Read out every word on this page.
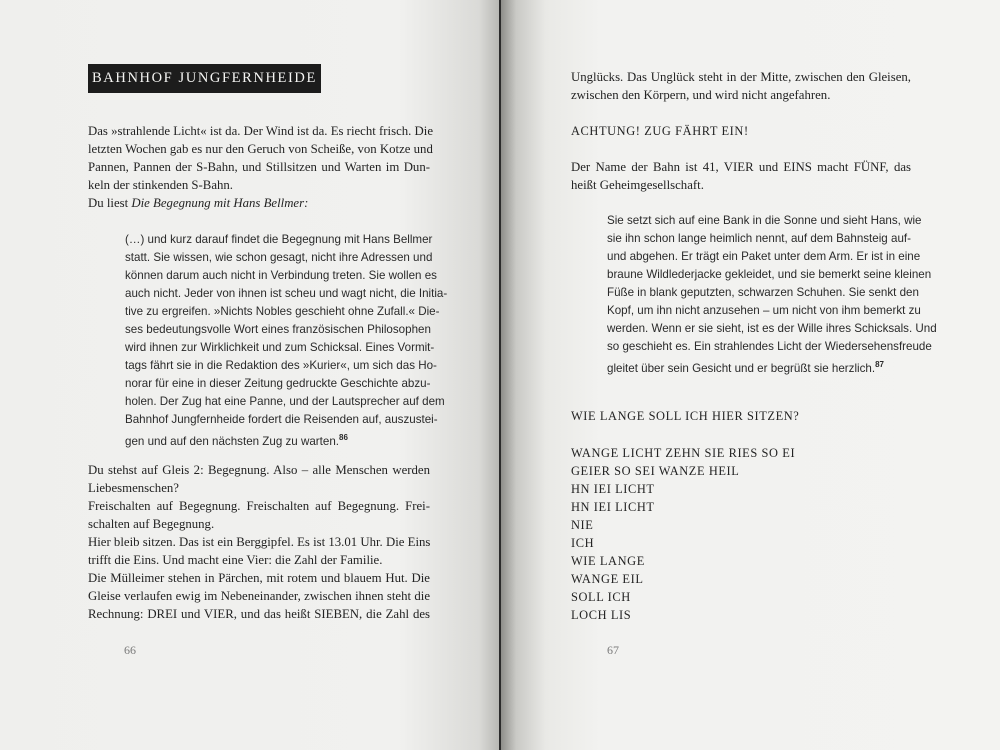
BAHNHOF JUNGFERNHEIDE
Das »strahlende Licht« ist da. Der Wind ist da. Es riecht frisch. Die
letzten Wochen gab es nur den Geruch von Scheiße, von Kotze und
Pannen, Pannen der S-Bahn, und Stillsitzen und Warten im Dun-
keln der stinkenden S-Bahn.
Du liest Die Begegnung mit Hans Bellmer:
(…) und kurz darauf findet die Begegnung mit Hans Bellmer
statt. Sie wissen, wie schon gesagt, nicht ihre Adressen und
können darum auch nicht in Verbindung treten. Sie wollen es
auch nicht. Jeder von ihnen ist scheu und wagt nicht, die Initia-
tive zu ergreifen. »Nichts Nobles geschieht ohne Zufall.« Die-
ses bedeutungsvolle Wort eines französischen Philosophen
wird ihnen zur Wirklichkeit und zum Schicksal. Eines Vormit-
tags fährt sie in die Redaktion des »Kurier«, um sich das Ho-
norar für eine in dieser Zeitung gedruckte Geschichte abzu-
holen. Der Zug hat eine Panne, und der Lautsprecher auf dem
Bahnhof Jungfernheide fordert die Reisenden auf, auszustei-
gen und auf den nächsten Zug zu warten.$^{86}$
Du stehst auf Gleis 2: Begegnung. Also – alle Menschen werden
Liebesmenschen?
Freischalten auf Begegnung. Freischalten auf Begegnung. Frei-
schalten auf Begegnung.
Hier bleib sitzen. Das ist ein Berggipfel. Es ist 13.01 Uhr. Die Eins
trifft die Eins. Und macht eine Vier: die Zahl der Familie.
Die Mülleimer stehen in Pärchen, mit rotem und blauem Hut. Die
Gleise verlaufen ewig im Nebeneinander, zwischen ihnen steht die
Rechnung: DREI und VIER, und das heißt SIEBEN, die Zahl des
66
Unglücks. Das Unglück steht in der Mitte, zwischen den Gleisen,
zwischen den Körpern, und wird nicht angefahren.
ACHTUNG! ZUG FÄHRT EIN!
Der Name der Bahn ist 41, VIER und EINS macht FÜNF, das
heißt Geheimgesellschaft.
Sie setzt sich auf eine Bank in die Sonne und sieht Hans, wie
sie ihn schon lange heimlich nennt, auf dem Bahnsteig auf-
und abgehen. Er trägt ein Paket unter dem Arm. Er ist in eine
braune Wildlederjacke gekleidet, und sie bemerkt seine kleinen
Füße in blank geputzten, schwarzen Schuhen. Sie senkt den
Kopf, um ihn nicht anzusehen – um nicht von ihm bemerkt zu
werden. Wenn er sie sieht, ist es der Wille ihres Schicksals. Und
so geschieht es. Ein strahlendes Licht der Wiedersehensfreude
gleitet über sein Gesicht und er begrüßt sie herzlich.$^{87}$
WIE LANGE SOLL ICH HIER SITZEN?
WANGE LICHT ZEHN SIE RIES SO EI
GEIER SO SEI WANZE HEIL
HN IEI LICHT
HN IEI LICHT
NIE
ICH
WIE LANGE
WANGE EIL
SOLL ICH
LOCH LIS
67
